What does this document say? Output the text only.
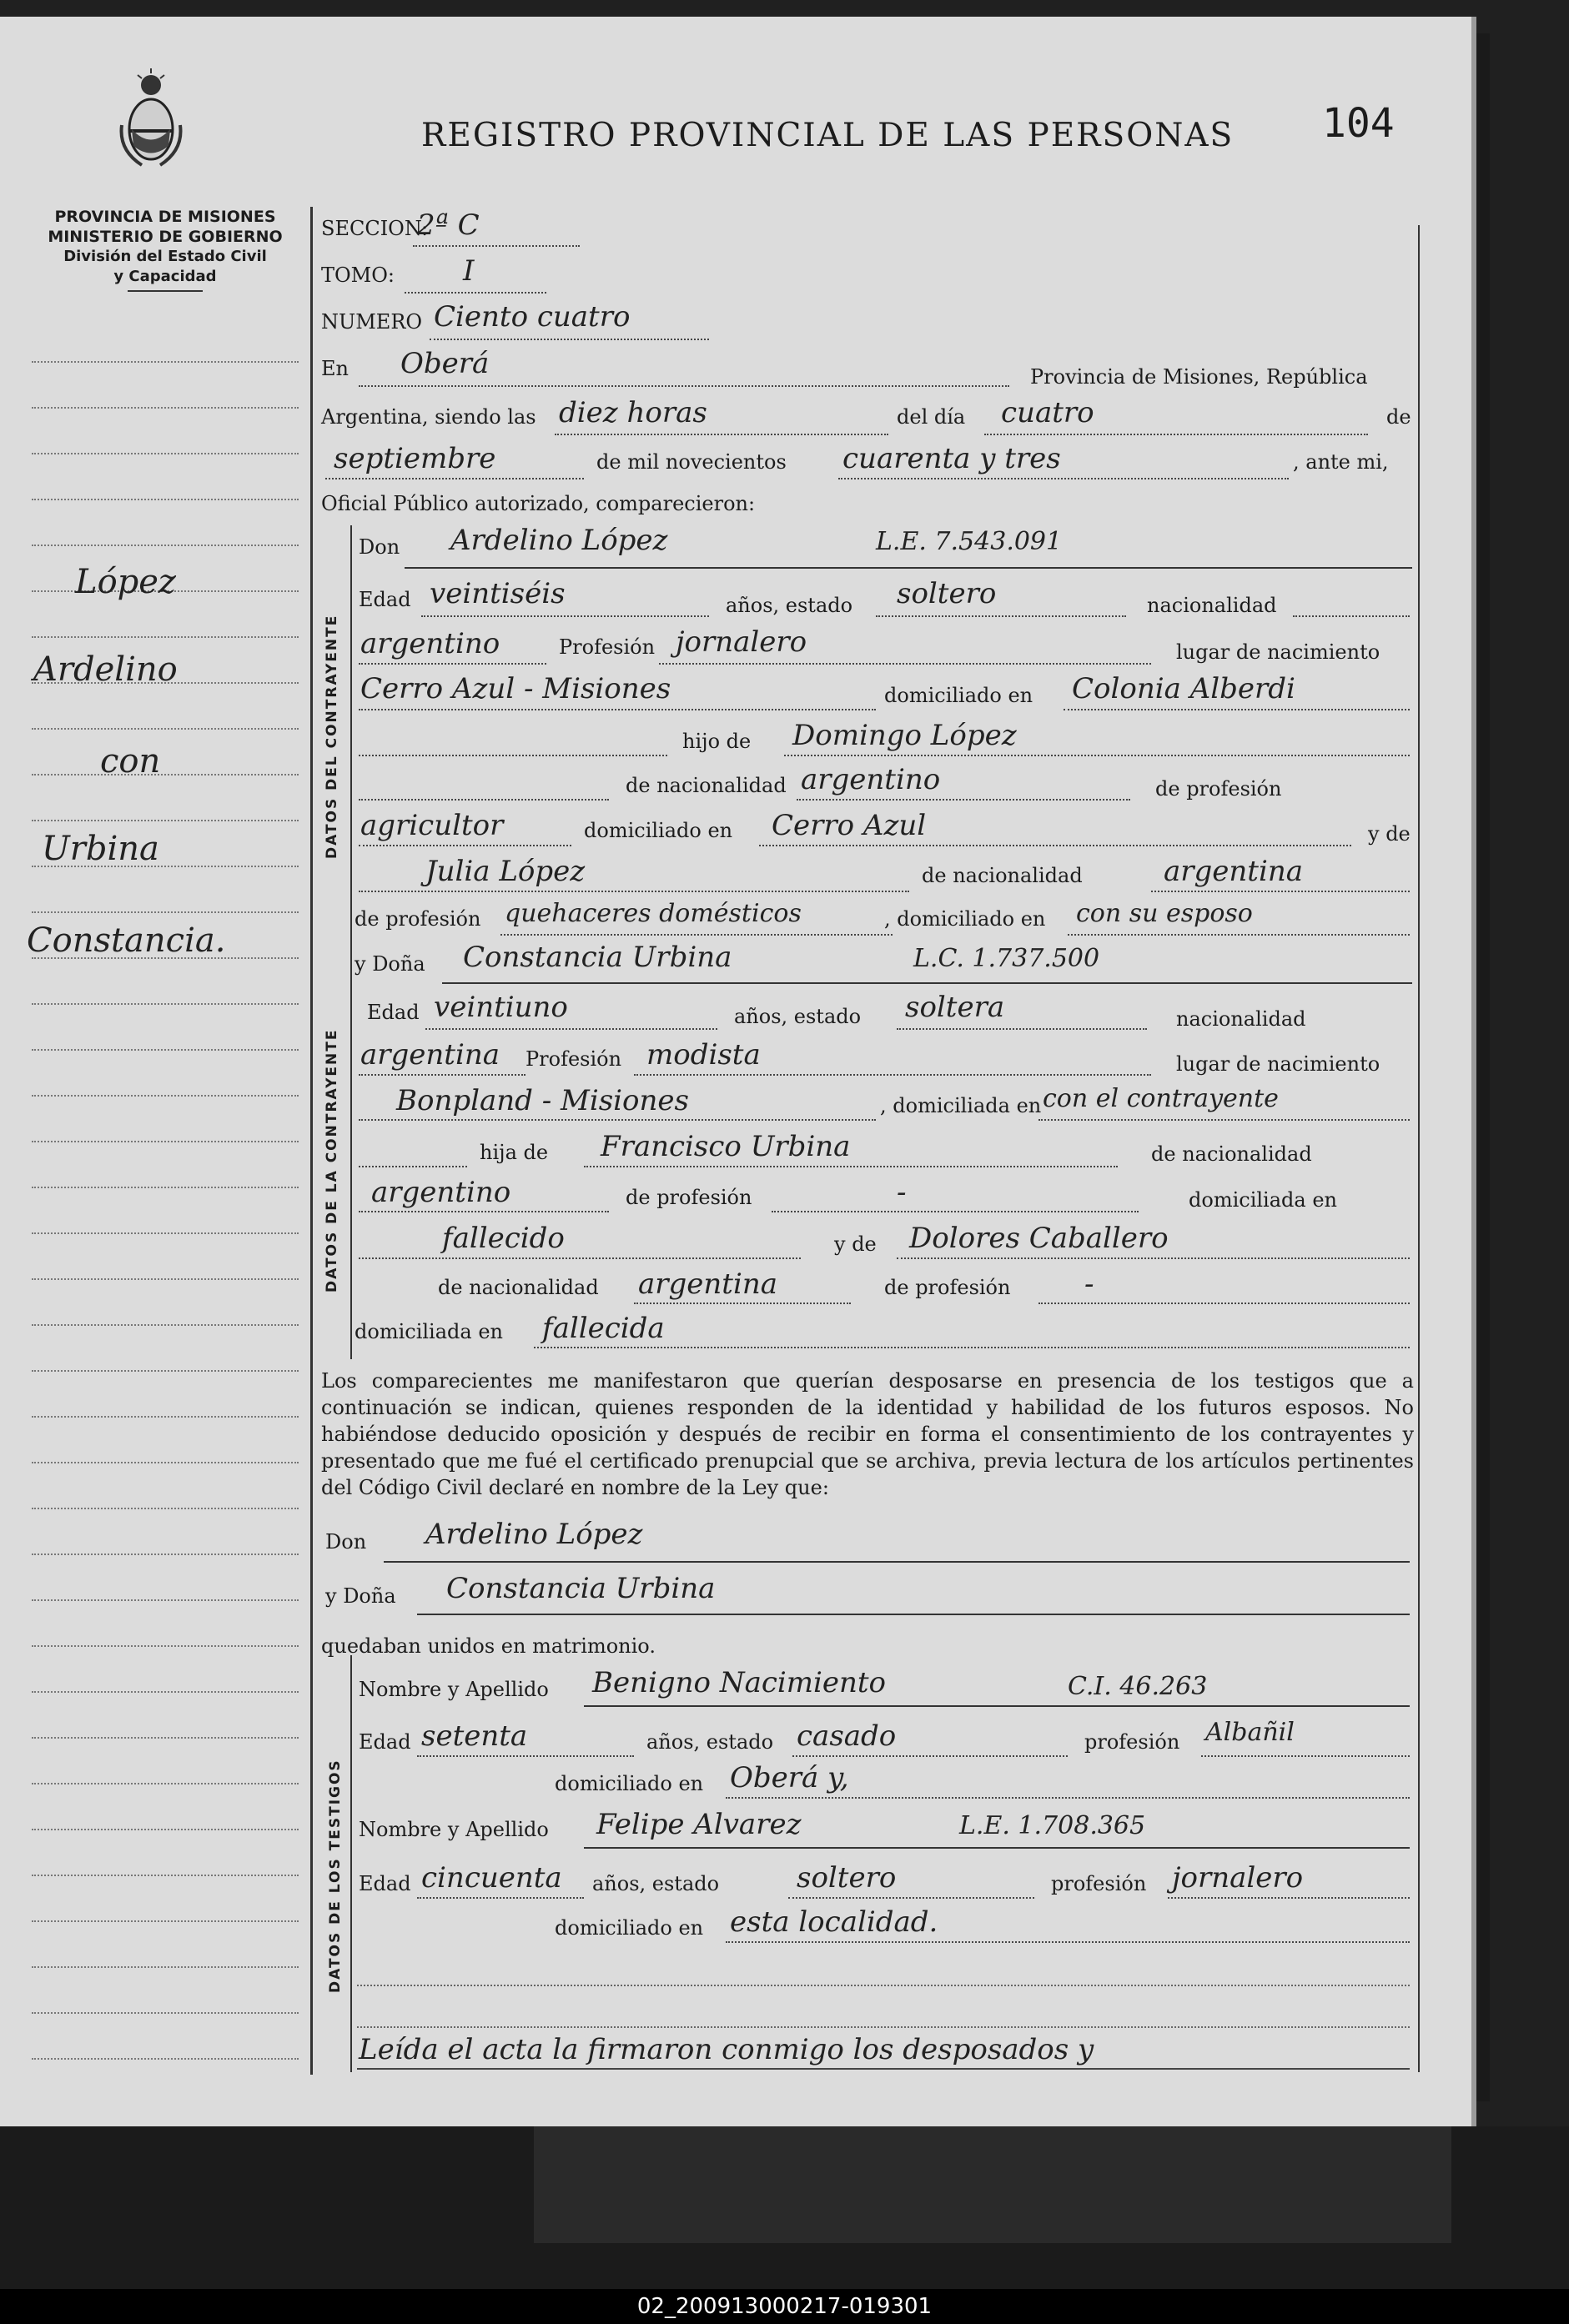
PROVINCIA DE MISIONES
MINISTERIO DE GOBIERNO
División del Estado Civil
y Capacidad
REGISTRO PROVINCIAL DE LAS PERSONAS 104
López
Ardelino
con
Urbina
Constancia.
DATOS DEL CONTRAYENTE
DATOS DE LA CONTRAYENTE
DATOS DE LOS TESTIGOS
SECCION:
2ª C
TOMO: I
NUMERO Ciento cuatro
En Oberá	Provincia de Misiones, República
Argentina, siendo las diez horas	del día cuatro	de
septiembre	de mil novecientos cuarenta y tres	, ante mi,
Oficial Público autorizado, comparecieron:
Don Ardelino López	L.E. 7.543.091
Edad veintiséis	años, estado soltero	nacionalidad
argentino	Profesión jornalero	lugar de nacimiento
Cerro Azul - Misiones	domiciliado en Colonia Alberdi
hijo de Domingo López
de nacionalidad argentino	de profesión
agricultor	domiciliado en Cerro Azul	y de
Julia López	de nacionalidad	argentina
de profesión quehaceres domésticos	, domiciliado en con su esposo
y Doña Constancia Urbina	L.C. 1.737.500
Edad veintiuno	años, estado soltera	nacionalidad
argentina Profesión modista	lugar de nacimiento
Bonpland - Misiones	, domiciliada en con el contrayente
hija de Francisco Urbina	de nacionalidad
argentino	de profesión	-	domiciliada en
fallecido	y de Dolores Caballero
de nacionalidad argentina	de profesión	-
domiciliada en fallecida
Los comparecientes me manifestaron que querían desposarse en presencia de los testigos que a continuación se indican, quienes responden de la identidad y habilidad de los futuros esposos. No habiéndose deducido oposición y después de recibir en forma el consentimiento de los contrayentes y presentado que me fué el certificado prenupcial que se archiva, previa lectura de los artículos pertinentes del Código Civil declaré en nombre de la Ley que:
Don Ardelino López
y Doña Constancia Urbina
quedaban unidos en matrimonio.
Nombre y Apellido Benigno Nacimiento	C.I. 46.263
Edad setenta	años, estado casado	profesión Albañil
domiciliado en Oberá y,
Nombre y Apellido Felipe Alvarez	L.E. 1.708.365
Edad cincuenta años, estado	soltero	profesión jornalero
domiciliado en esta localidad.
Leída el acta la firmaron conmigo los desposados y
02_200913000217-019301
